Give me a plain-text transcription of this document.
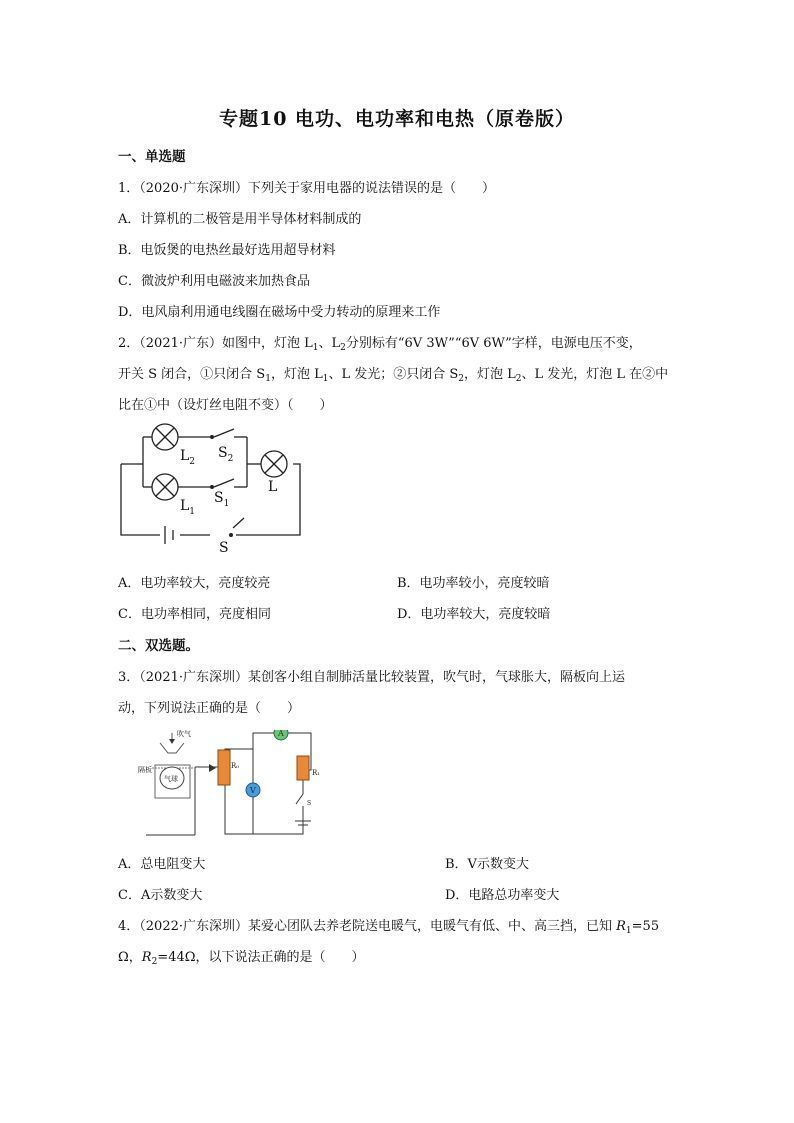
专题10 电功、电功率和电热（原卷版）
一、单选题
1．（2020·广东深圳）下列关于家用电器的说法错误的是（　　）
A．计算机的二极管是用半导体材料制成的
B．电饭煲的电热丝最好选用超导材料
C．微波炉利用电磁波来加热食品
D．电风扇利用通电线圈在磁场中受力转动的原理来工作
2．（2021·广东）如图中，灯泡 $L_1$、$L_2$分别标有“6V 3W”“6V 6W”字样，电源电压不变，
开关 S 闭合，①只闭合 $S_1$，灯泡 $L_1$、L 发光；②只闭合 $S_2$，灯泡 $L_2$、L 发光，灯泡 L 在②中
比在①中（设灯丝电阻不变）（　　）
$L_2$
$S_2$
L
$L_1$
$S_1$
S
A．电功率较大，亮度较亮	B．电功率较小，亮度较暗
C．电功率相同，亮度相同	D．电功率较大，亮度较暗
二、双选题。
3．（2021·广东深圳）某创客小组自制肺活量比较装置，吹气时，气球胀大，隔板向上运
动，下列说法正确的是（　　）
吹气
隔板
气球
R₀
R₁
A
V
S
A．总电阻变大	B．V示数变大
C．A示数变大	D．电路总功率变大
4．（2022·广东深圳）某爱心团队去养老院送电暖气，电暖气有低、中、高三挡，已知 $R_1=55$
Ω，$R_2=44\Omega$，以下说法正确的是（　　）
